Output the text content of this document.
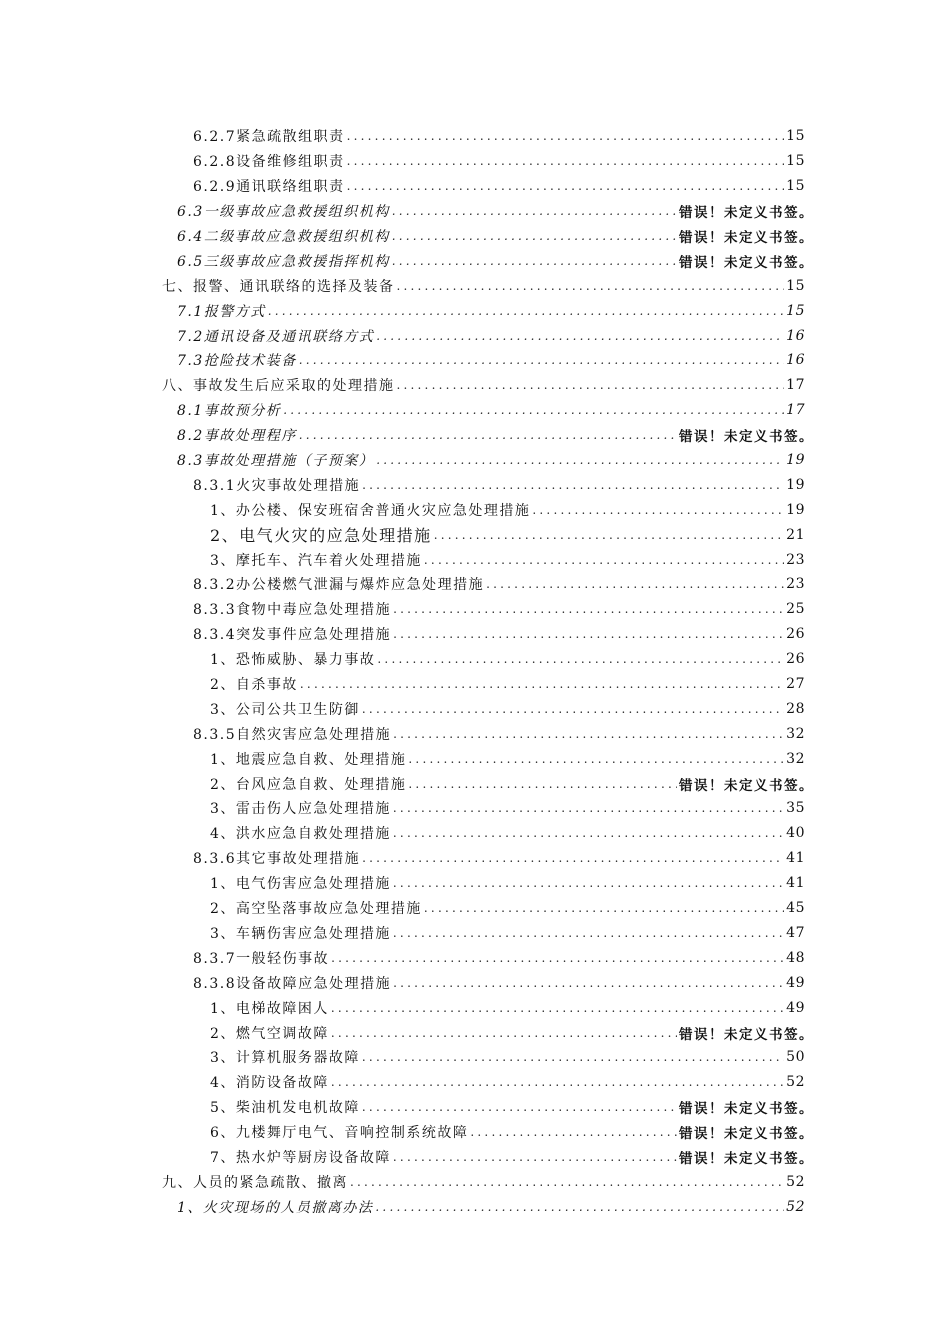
6.2.7紧急疏散组职责 .....	15
6.2.8设备维修组职责 .....	15
6.2.9通讯联络组职责 .....	15
6.3一级事故应急救援组织机构 .....	错误！未定义书签。
6.4二级事故应急救援组织机构 .....	错误！未定义书签。
6.5三级事故应急救援指挥机构 .....	错误！未定义书签。
七、报警、通讯联络的选择及装备 .....	15
7.1报警方式 .....	15
7.2通讯设备及通讯联络方式 .....	16
7.3抢险技术装备 .....	16
八、事故发生后应采取的处理措施 .....	17
8.1事故预分析 .....	17
8.2事故处理程序 .....	错误！未定义书签。
8.3事故处理措施（子预案） .....	19
8.3.1火灾事故处理措施 .....	19
1、办公楼、保安班宿舍普通火灾应急处理措施 .....	19
2、电气火灾的应急处理措施 .....	21
3、摩托车、汽车着火处理措施 .....	23
8.3.2办公楼燃气泄漏与爆炸应急处理措施 .....	23
8.3.3食物中毒应急处理措施 .....	25
8.3.4突发事件应急处理措施 .....	26
1、恐怖威胁、暴力事故 .....	26
2、自杀事故 .....	27
3、公司公共卫生防御 .....	28
8.3.5自然灾害应急处理措施 .....	32
1、地震应急自救、处理措施 .....	32
2、台风应急自救、处理措施 .....	错误！未定义书签。
3、雷击伤人应急处理措施 .....	35
4、洪水应急自救处理措施 .....	40
8.3.6其它事故处理措施 .....	41
1、电气伤害应急处理措施 .....	41
2、高空坠落事故应急处理措施 .....	45
3、车辆伤害应急处理措施 .....	47
8.3.7一般轻伤事故 .....	48
8.3.8设备故障应急处理措施 .....	49
1、电梯故障困人 .....	49
2、燃气空调故障 .....	错误！未定义书签。
3、计算机服务器故障 .....	50
4、消防设备故障 .....	52
5、柴油机发电机故障 .....	错误！未定义书签。
6、九楼舞厅电气、音响控制系统故障 .....	错误！未定义书签。
7、热水炉等厨房设备故障 .....	错误！未定义书签。
九、人员的紧急疏散、撤离 .....	52
1、火灾现场的人员撤离办法 .....	52
